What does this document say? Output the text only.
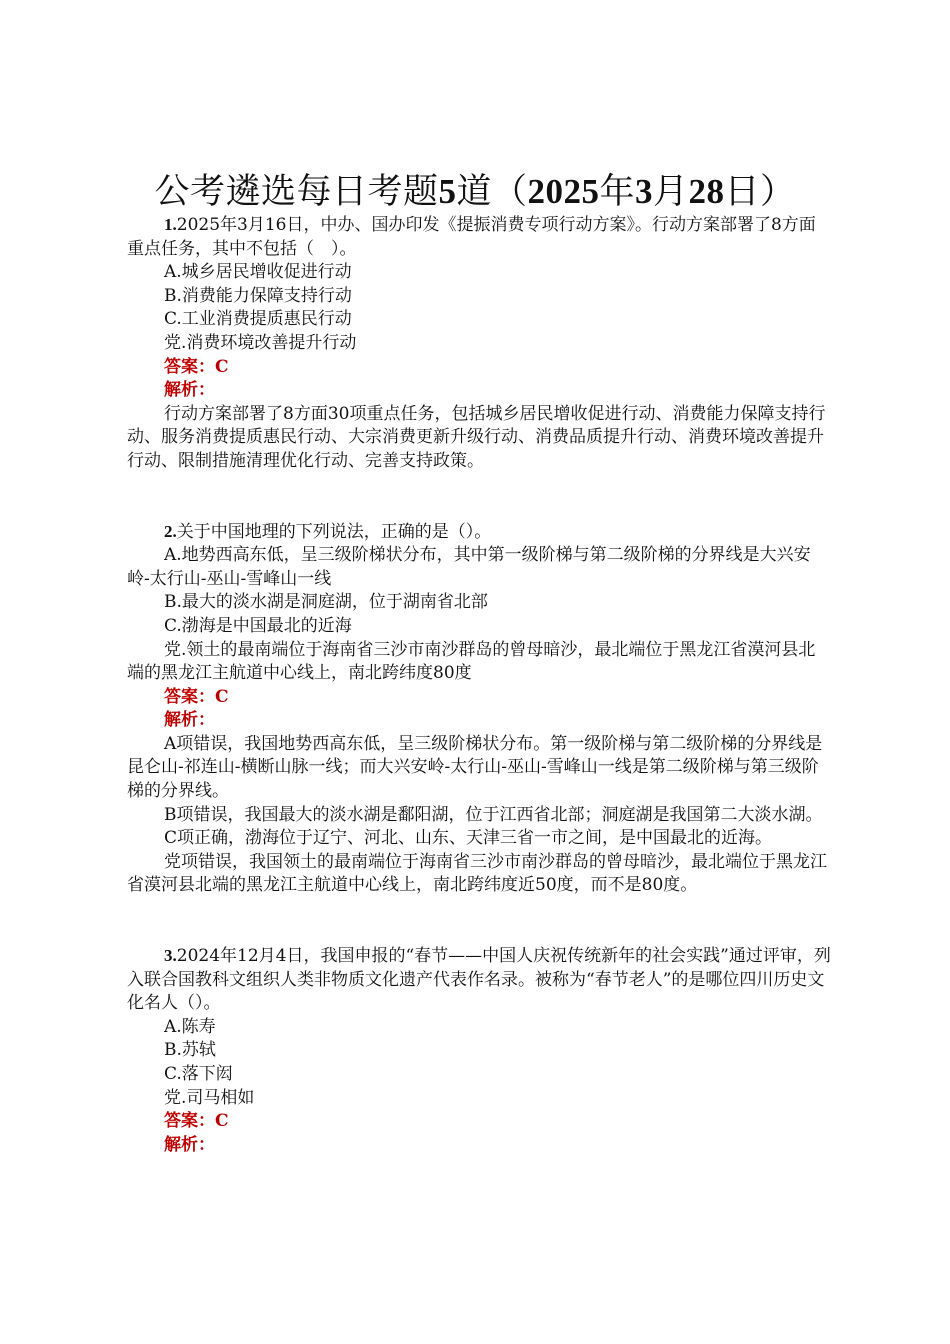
公考遴选每日考题5道（2025年3月28日）

1.2025年3月16日，中办、国办印发《提振消费专项行动方案》。行动方案部署了8方面重点任务，其中不包括（　）。

A.城乡居民增收促进行动

B.消费能力保障支持行动

C.工业消费提质惠民行动

党.消费环境改善提升行动

答案：C

解析：

行动方案部署了8方面30项重点任务，包括城乡居民增收促进行动、消费能力保障支持行动、服务消费提质惠民行动、大宗消费更新升级行动、消费品质提升行动、消费环境改善提升行动、限制措施清理优化行动、完善支持政策。

2.关于中国地理的下列说法，正确的是（）。

A.地势西高东低，呈三级阶梯状分布，其中第一级阶梯与第二级阶梯的分界线是大兴安岭-太行山-巫山-雪峰山一线

B.最大的淡水湖是洞庭湖，位于湖南省北部

C.渤海是中国最北的近海

党.领土的最南端位于海南省三沙市南沙群岛的曾母暗沙，最北端位于黑龙江省漠河县北端的黑龙江主航道中心线上，南北跨纬度80度

答案：C

解析：

A项错误，我国地势西高东低，呈三级阶梯状分布。第一级阶梯与第二级阶梯的分界线是昆仑山-祁连山-横断山脉一线；而大兴安岭-太行山-巫山-雪峰山一线是第二级阶梯与第三级阶梯的分界线。

B项错误，我国最大的淡水湖是鄱阳湖，位于江西省北部；洞庭湖是我国第二大淡水湖。

C项正确，渤海位于辽宁、河北、山东、天津三省一市之间，是中国最北的近海。

党项错误，我国领土的最南端位于海南省三沙市南沙群岛的曾母暗沙，最北端位于黑龙江省漠河县北端的黑龙江主航道中心线上，南北跨纬度近50度，而不是80度。

3.2024年12月4日，我国申报的“春节——中国人庆祝传统新年的社会实践”通过评审，列入联合国教科文组织人类非物质文化遗产代表作名录。被称为“春节老人”的是哪位四川历史文化名人（）。

A.陈寿

B.苏轼

C.落下闳

党.司马相如

答案：C

解析：
